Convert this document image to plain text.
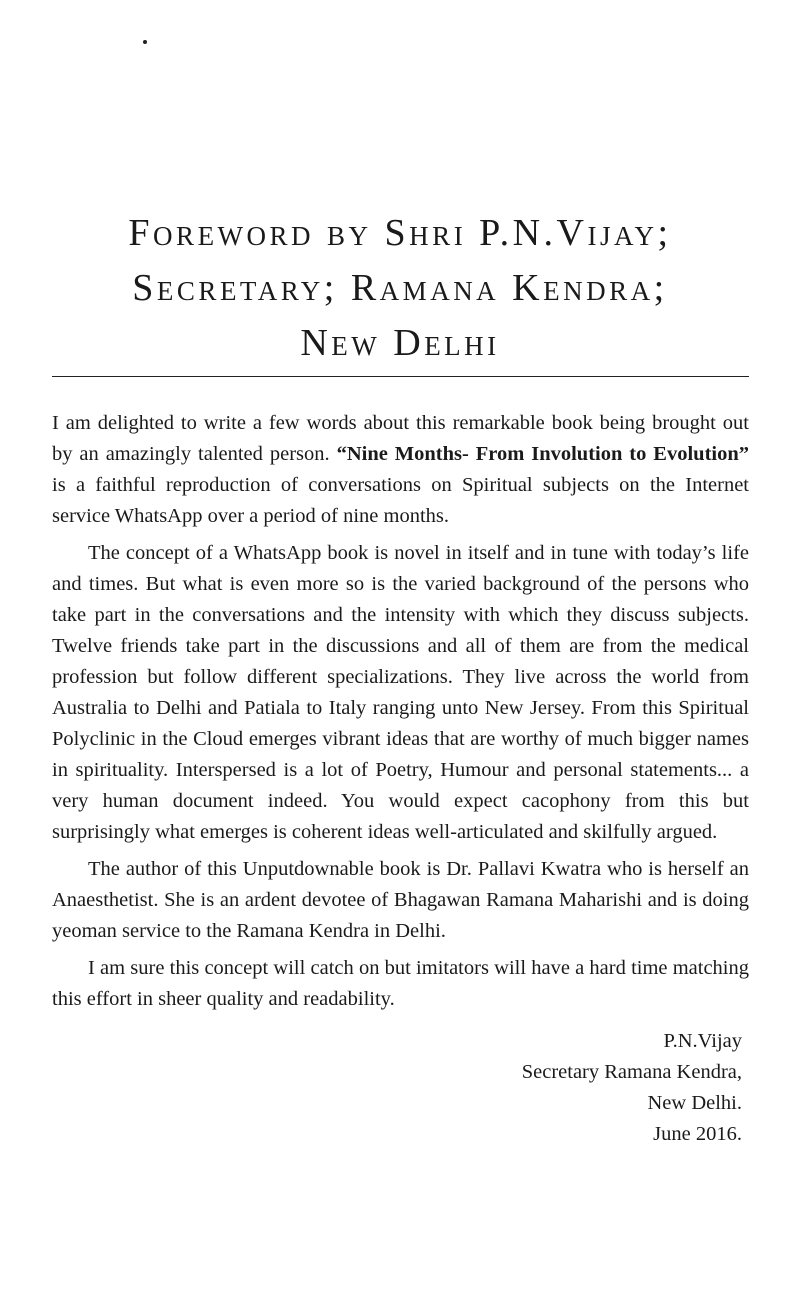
Foreword by Shri P.N.Vijay;
Secretary; Ramana Kendra;
New Delhi

I am delighted to write a few words about this remarkable book being brought out by an amazingly talented person. “Nine Months- From Involution to Evolution” is a faithful reproduction of conversations on Spiritual subjects on the Internet service WhatsApp over a period of nine months.

The concept of a WhatsApp book is novel in itself and in tune with today’s life and times. But what is even more so is the varied background of the persons who take part in the conversations and the intensity with which they discuss subjects. Twelve friends take part in the discussions and all of them are from the medical profession but follow different specializations. They live across the world from Australia to Delhi and Patiala to Italy ranging unto New Jersey. From this Spiritual Polyclinic in the Cloud emerges vibrant ideas that are worthy of much bigger names in spirituality. Interspersed is a lot of Poetry, Humour and personal statements... a very human document indeed. You would expect cacophony from this but surprisingly what emerges is coherent ideas well-articulated and skilfully argued.

The author of this Unputdownable book is Dr. Pallavi Kwatra who is herself an Anaesthetist. She is an ardent devotee of Bhagawan Ramana Maharishi and is doing yeoman service to the Ramana Kendra in Delhi.

I am sure this concept will catch on but imitators will have a hard time matching this effort in sheer quality and readability.

P.N.Vijay
Secretary Ramana Kendra,
New Delhi.
June 2016.
